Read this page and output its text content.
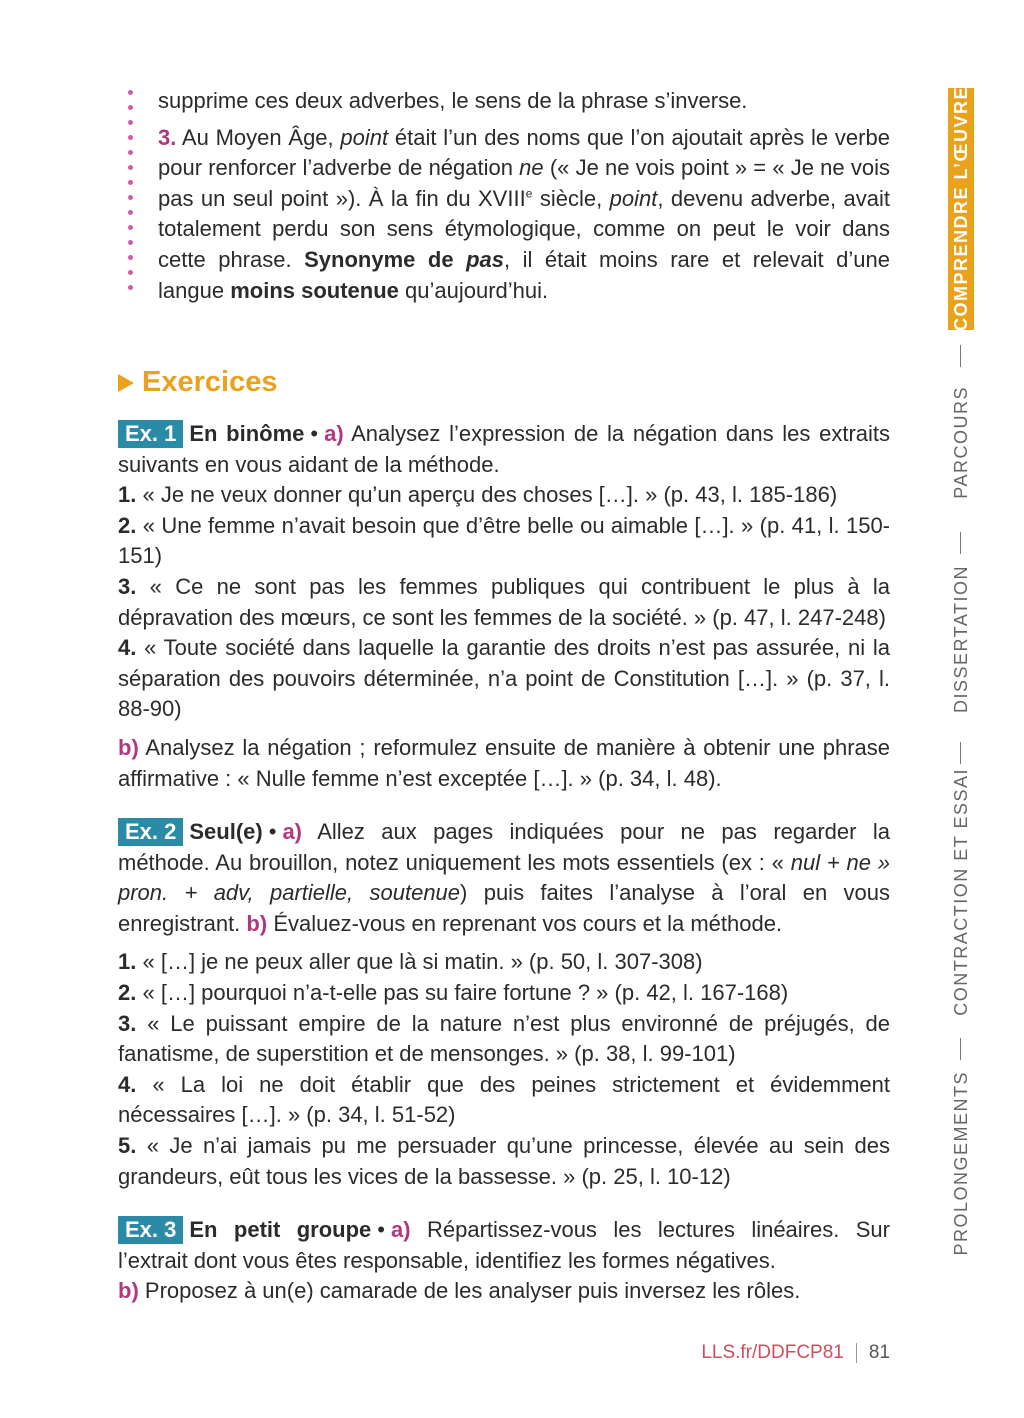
supprime ces deux adverbes, le sens de la phrase s’inverse.

3. Au Moyen Âge, point était l’un des noms que l’on ajoutait après le verbe pour renforcer l’adverbe de négation ne (« Je ne vois point » = « Je ne vois pas un seul point »). À la fin du XVIIIe siècle, point, devenu adverbe, avait totalement perdu son sens étymologique, comme on peut le voir dans cette phrase. Synonyme de pas, il était moins rare et relevait d’une langue moins soutenue qu’aujourd’hui.

Exercices

Ex. 1 En binôme • a) Analysez l’expression de la négation dans les extraits suivants en vous aidant de la méthode.

1. « Je ne veux donner qu’un aperçu des choses […]. » (p. 43, l. 185-186)

2. « Une femme n’avait besoin que d’être belle ou aimable […]. » (p. 41, l. 150-151)

3. « Ce ne sont pas les femmes publiques qui contribuent le plus à la dépravation des mœurs, ce sont les femmes de la société. » (p. 47, l. 247-248)

4. « Toute société dans laquelle la garantie des droits n’est pas assurée, ni la séparation des pouvoirs déterminée, n’a point de Constitution […]. » (p. 37, l. 88-90)

b) Analysez la négation ; reformulez ensuite de manière à obtenir une phrase affirmative : « Nulle femme n’est exceptée […]. » (p. 34, l. 48).

Ex. 2 Seul(e) • a) Allez aux pages indiquées pour ne pas regarder la méthode. Au brouillon, notez uniquement les mots essentiels (ex : « nul + ne » pron. + adv, partielle, soutenue) puis faites l’analyse à l’oral en vous enregistrant. b) Évaluez-vous en reprenant vos cours et la méthode.

1. « […] je ne peux aller que là si matin. » (p. 50, l. 307-308)

2. « […] pourquoi n’a-t-elle pas su faire fortune ? » (p. 42, l. 167-168)

3. « Le puissant empire de la nature n’est plus environné de préjugés, de fanatisme, de superstition et de mensonges. » (p. 38, l. 99-101)

4. « La loi ne doit établir que des peines strictement et évidemment nécessaires […]. » (p. 34, l. 51-52)

5. « Je n’ai jamais pu me persuader qu’une princesse, élevée au sein des grandeurs, eût tous les vices de la bassesse. » (p. 25, l. 10-12)

Ex. 3 En petit groupe • a) Répartissez-vous les lectures linéaires. Sur l’extrait dont vous êtes responsable, identifiez les formes négatives.

b) Proposez à un(e) camarade de les analyser puis inversez les rôles.

LLS.fr/DDFCP81 81
COMPRENDRE L’ŒUVRE
PARCOURS
DISSERTATION
CONTRACTION ET ESSAI
PROLONGEMENTS
